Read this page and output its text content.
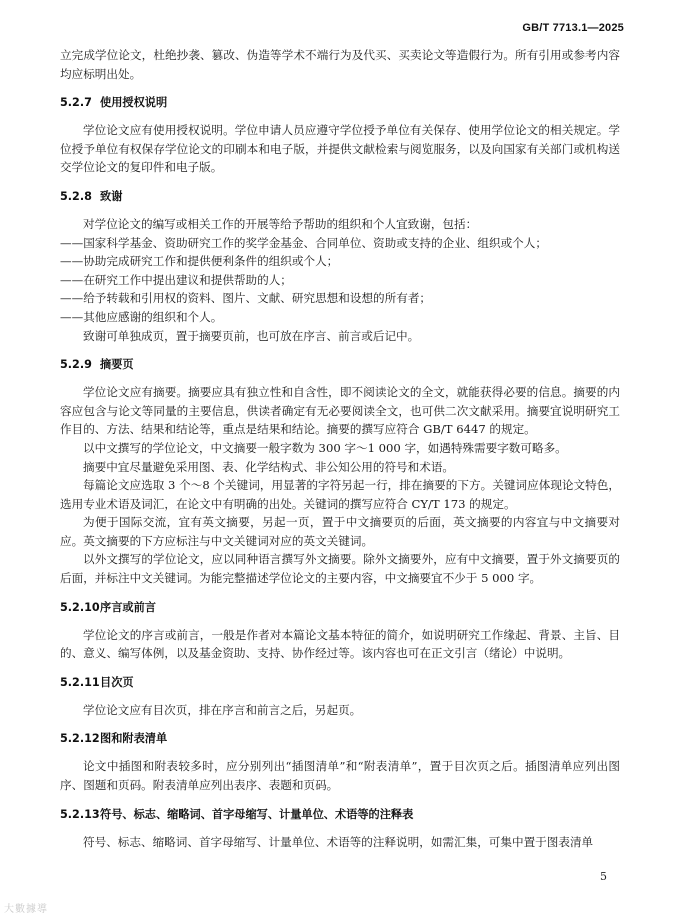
GB/T 7713.1—2025

立完成学位论文，杜绝抄袭、篡改、伪造等学术不端行为及代买、买卖论文等造假行为。所有引用或参考内容均应标明出处。

5.2.7 使用授权说明

学位论文应有使用授权说明。学位申请人员应遵守学位授予单位有关保存、使用学位论文的相关规定。学位授予单位有权保存学位论文的印刷本和电子版，并提供文献检索与阅览服务，以及向国家有关部门或机构送交学位论文的复印件和电子版。

5.2.8 致谢

对学位论文的编写或相关工作的开展等给予帮助的组织和个人宜致谢，包括：

——国家科学基金、资助研究工作的奖学金基金、合同单位、资助或支持的企业、组织或个人；

——协助完成研究工作和提供便利条件的组织或个人；

——在研究工作中提出建议和提供帮助的人；

——给予转载和引用权的资料、图片、文献、研究思想和设想的所有者；

——其他应感谢的组织和个人。

致谢可单独成页，置于摘要页前，也可放在序言、前言或后记中。

5.2.9 摘要页

学位论文应有摘要。摘要应具有独立性和自含性，即不阅读论文的全文，就能获得必要的信息。摘要的内容应包含与论文等同量的主要信息，供读者确定有无必要阅读全文，也可供二次文献采用。摘要宜说明研究工作目的、方法、结果和结论等，重点是结果和结论。摘要的撰写应符合 GB/T 6447 的规定。

以中文撰写的学位论文，中文摘要一般字数为 300 字～1 000 字，如遇特殊需要字数可略多。

摘要中宜尽量避免采用图、表、化学结构式、非公知公用的符号和术语。

每篇论文应选取 3 个～8 个关键词，用显著的字符另起一行，排在摘要的下方。关键词应体现论文特色，选用专业术语及词汇，在论文中有明确的出处。关键词的撰写应符合 CY/T 173 的规定。

为便于国际交流，宜有英文摘要，另起一页，置于中文摘要页的后面，英文摘要的内容宜与中文摘要对应。英文摘要的下方应标注与中文关键词对应的英文关键词。

以外文撰写的学位论文，应以同种语言撰写外文摘要。除外文摘要外，应有中文摘要，置于外文摘要页的后面，并标注中文关键词。为能完整描述学位论文的主要内容，中文摘要宜不少于 5 000 字。

5.2.10序言或前言

学位论文的序言或前言，一般是作者对本篇论文基本特征的简介，如说明研究工作缘起、背景、主旨、目的、意义、编写体例，以及基金资助、支持、协作经过等。该内容也可在正文引言（绪论）中说明。

5.2.11目次页

学位论文应有目次页，排在序言和前言之后，另起页。

5.2.12图和附表清单

论文中插图和附表较多时，应分别列出“插图清单”和“附表清单”，置于目次页之后。插图清单应列出图序、图题和页码。附表清单应列出表序、表题和页码。

5.2.13符号、标志、缩略词、首字母缩写、计量单位、术语等的注释表

符号、标志、缩略词、首字母缩写、计量单位、术语等的注释说明，如需汇集，可集中置于图表清单

5
大數據導
